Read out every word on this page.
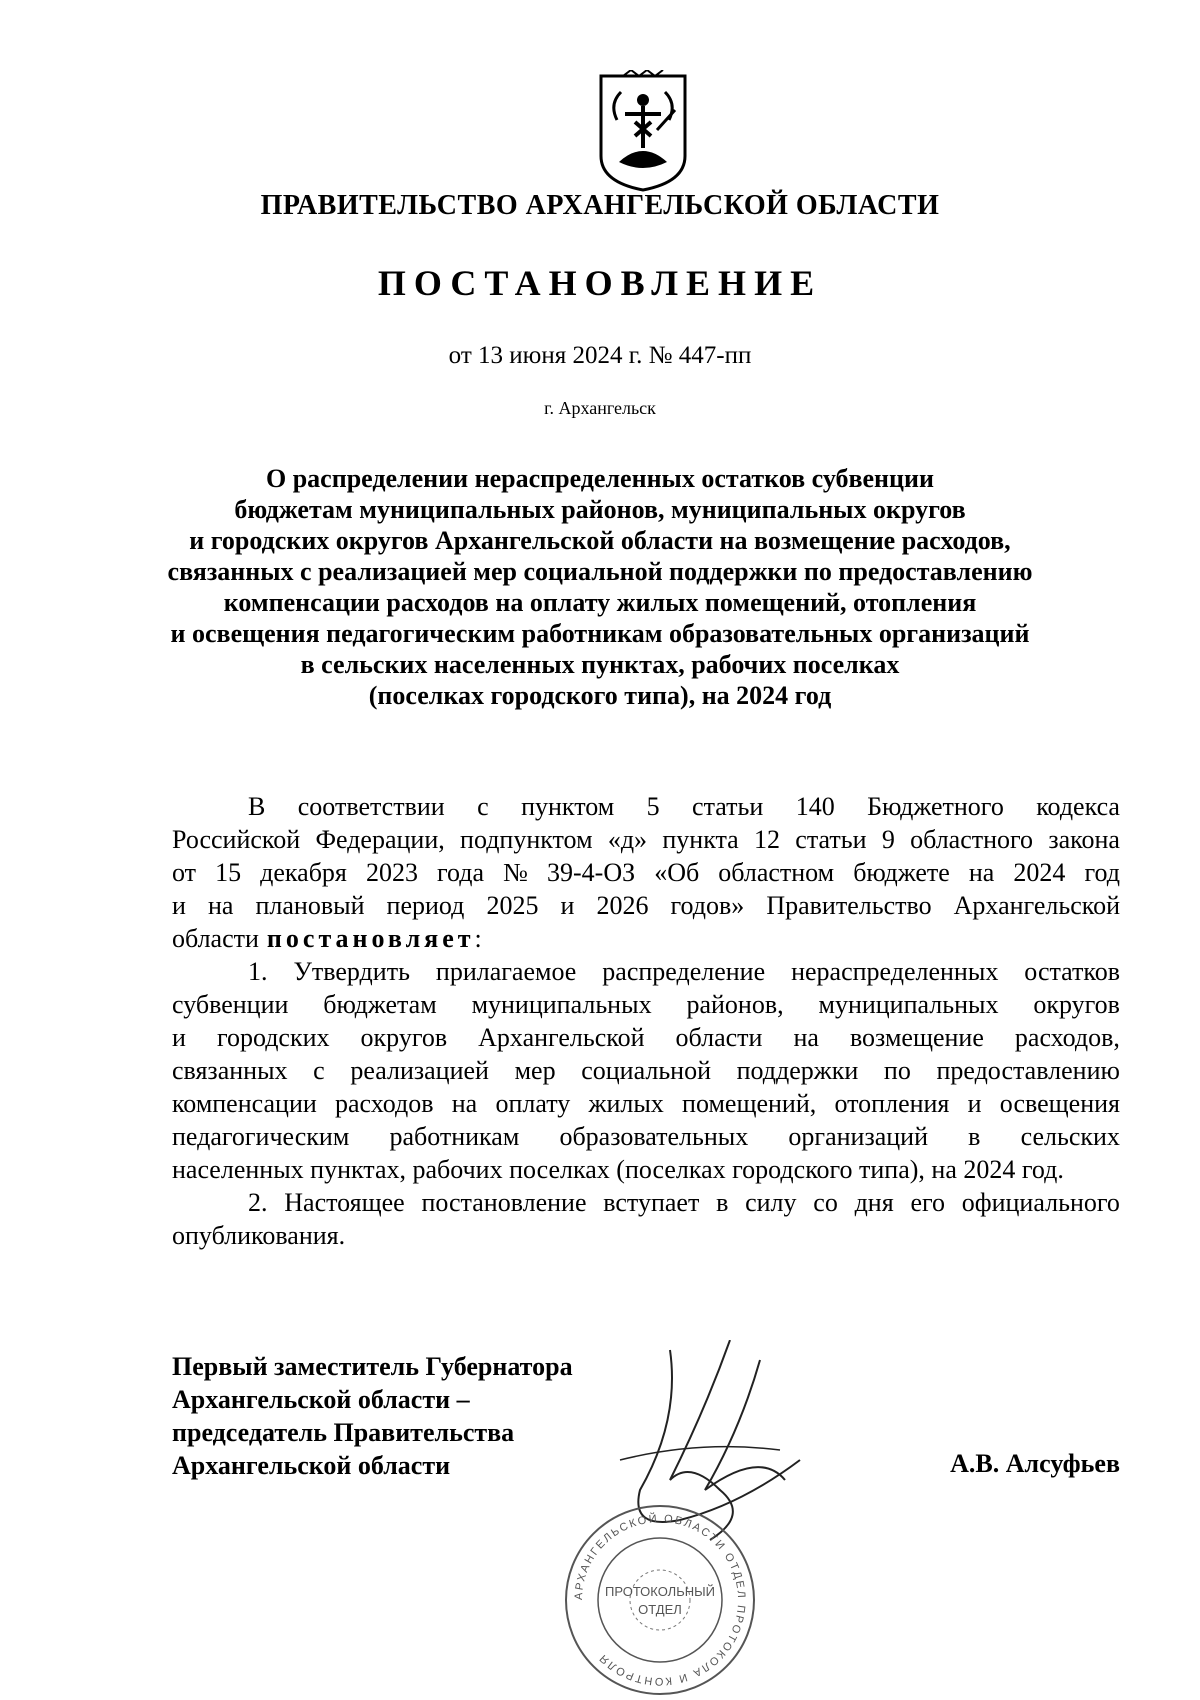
ПРАВИТЕЛЬСТВО АРХАНГЕЛЬСКОЙ ОБЛАСТИ
ПОСТАНОВЛЕНИЕ
от 13 июня 2024 г. № 447-пп
г. Архангельск
О распределении нераспределенных остатков субвенции
бюджетам муниципальных районов, муниципальных округов
и городских округов Архангельской области на возмещение расходов,
связанных с реализацией мер социальной поддержки по предоставлению
компенсации расходов на оплату жилых помещений, отопления
и освещения педагогическим работникам образовательных организаций
в сельских населенных пунктах, рабочих поселках
(поселках городского типа), на 2024 год
В соответствии с пунктом 5 статьи 140 Бюджетного кодекса
Российской Федерации, подпунктом «д» пункта 12 статьи 9 областного закона
от 15 декабря 2023 года № 39-4-ОЗ «Об областном бюджете на 2024 год
и на плановый период 2025 и 2026 годов» Правительство Архангельской
области постановляет:
1. Утвердить прилагаемое распределение нераспределенных остатков
субвенции бюджетам муниципальных районов, муниципальных округов
и городских округов Архангельской области на возмещение расходов,
связанных с реализацией мер социальной поддержки по предоставлению
компенсации расходов на оплату жилых помещений, отопления и освещения
педагогическим работникам образовательных организаций в сельских
населенных пунктах, рабочих поселках (поселках городского типа), на 2024 год.
2. Настоящее постановление вступает в силу со дня его официального
опубликования.
Первый заместитель Губернатора
Архангельской области –
председатель Правительства
Архангельской области	А.В. Алсуфьев
АРХАНГЕЛЬСКОЙ ОБЛАСТИ ОТДЕЛ ПРОТОКОЛА И КОНТРОЛЯ
ПРОТОКОЛЬНЫЙ
ОТДЕЛ
